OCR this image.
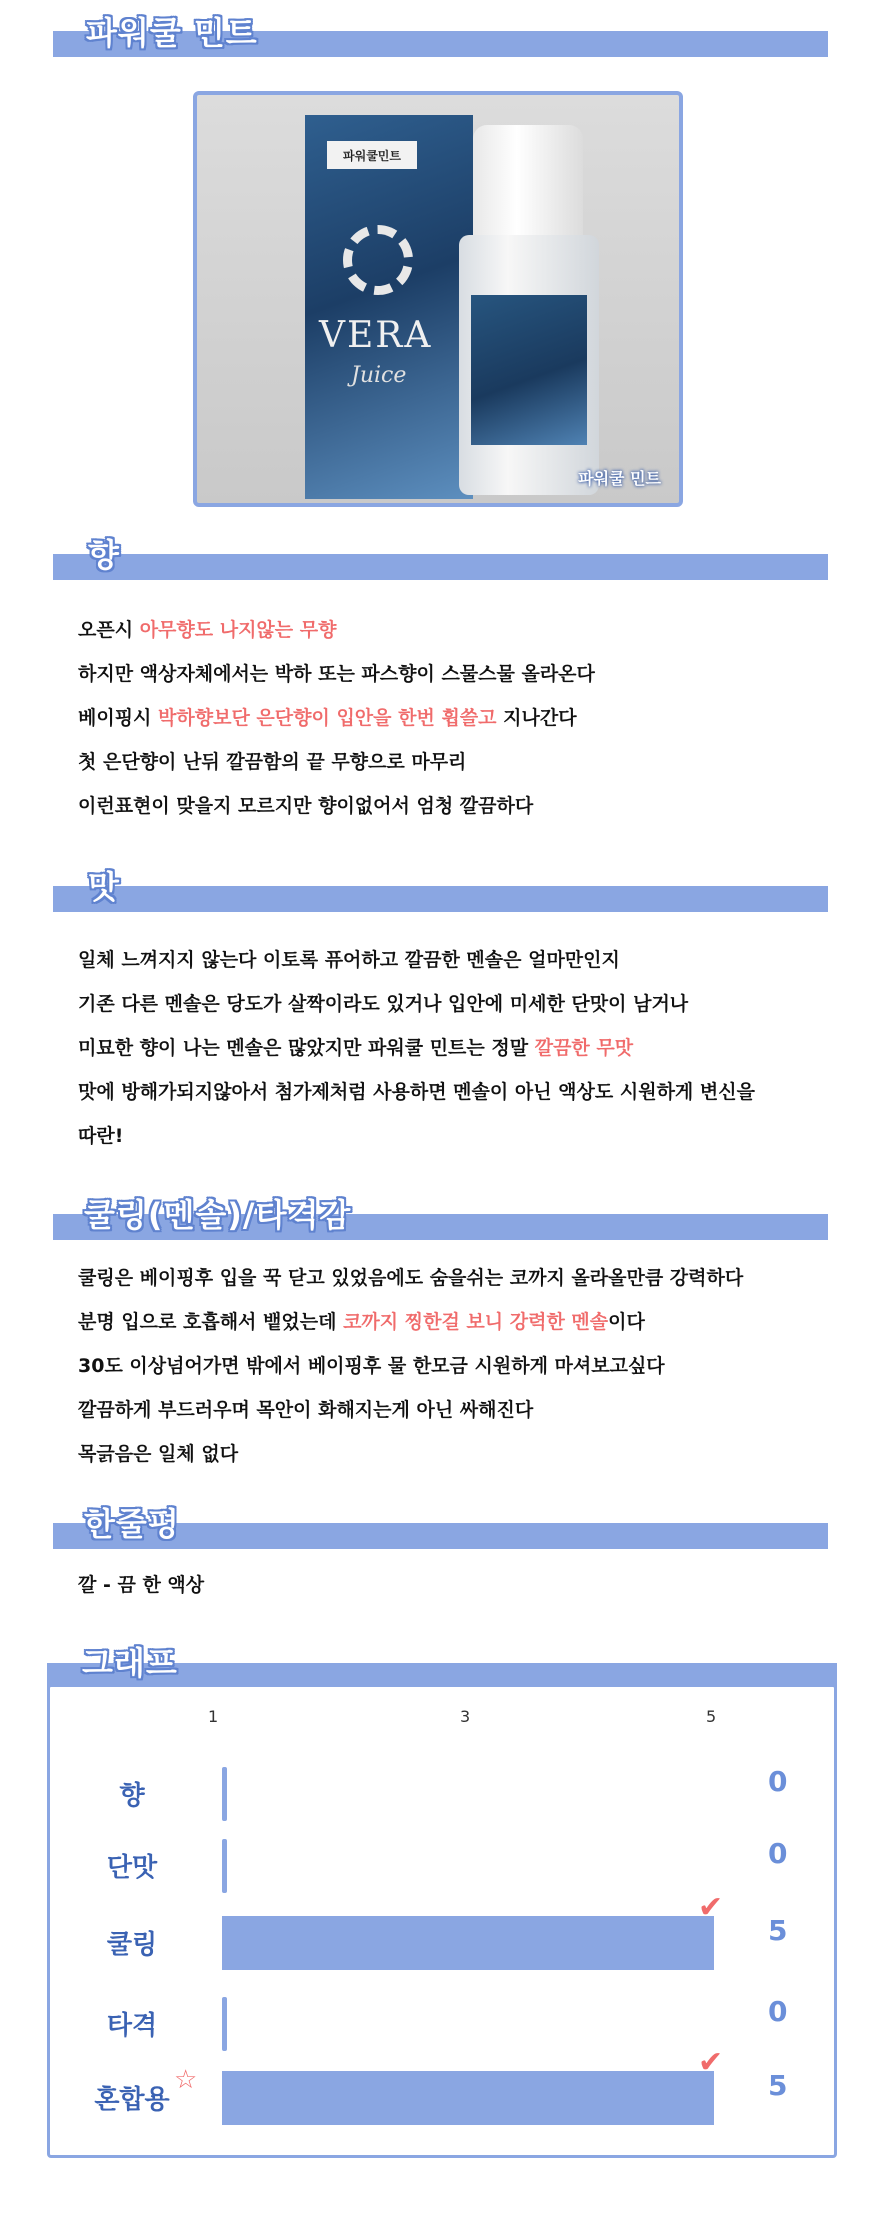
파워쿨 민트
파워쿨민트
VERA
Juice
파워쿨 민트
향
오픈시 아무향도 나지않는 무향
하지만 액상자체에서는 박하 또는 파스향이 스물스물 올라온다
베이핑시 박하향보단 은단향이 입안을 한번 휩쓸고 지나간다
첫 은단향이 난뒤 깔끔함의 끝 무향으로 마무리
이런표현이 맞을지 모르지만 향이없어서 엄청 깔끔하다
맛
일체 느껴지지 않는다 이토록 퓨어하고 깔끔한 멘솔은 얼마만인지
기존 다른 멘솔은 당도가 살짝이라도 있거나 입안에 미세한 단맛이 남거나
미묘한 향이 나는 멘솔은 많았지만 파워쿨 민트는 정말 깔끔한 무맛
맛에 방해가되지않아서 첨가제처럼 사용하면 멘솔이 아닌 액상도 시원하게 변신을
따란!
쿨링(멘솔)/타격감
쿨링은 베이핑후 입을 꾹 닫고 있었음에도 숨을쉬는 코까지 올라올만큼 강력하다
분명 입으로 호흡해서 뱉었는데 코까지 찡한걸 보니 강력한 멘솔이다
30도 이상넘어가면 밖에서 베이핑후 물 한모금 시원하게 마셔보고싶다
깔끔하게 부드러우며 목안이 화해지는게 아닌 싸해진다
목긁음은 일체 없다
한줄평
깔 - 끔 한 액상
그래프
1	3	5
향	0
단맛	0
쿨링	5
✔
타격	0
혼합용	5
✔
☆
